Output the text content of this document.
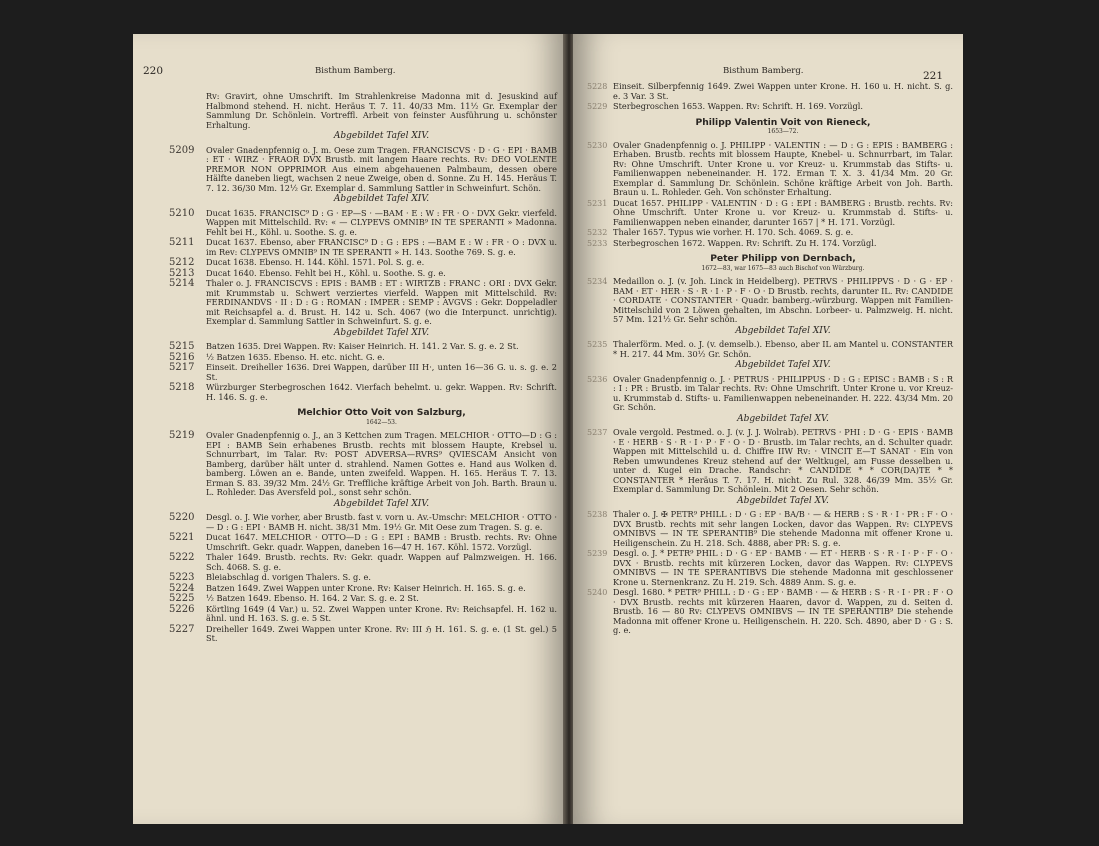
220	Bisthum Bamberg.
Rv: Gravirt, ohne Umschrift. Im Strahlenkreise Madonna mit d. Jesuskind auf Halbmond stehend. H. nicht. Heräus T. 7. 11. 40/33 Mm. 11½ Gr. Exemplar der Sammlung Dr. Schönlein. Vortreffl. Arbeit von feinster Ausführung u. schönster Erhaltung.
Abgebildet Tafel XIV.
5209 Ovaler Gnadenpfennig o. J. m. Oese zum Tragen. FRANCISCVS · D · G · EPI · BAMB : ET · WIRZ · FRAOR DVX Brustb. mit langem Haare rechts. Rv: DEO VOLENTE PREMOR NON OPPRIMOR Aus einem abgehauenen Palmbaum, dessen obere Hälfte daneben liegt, wachsen 2 neue Zweige, oben d. Sonne. Zu H. 145. Heräus T. 7. 12. 36/30 Mm. 12½ Gr. Exemplar d. Sammlung Sattler in Schweinfurt. Schön.
Abgebildet Tafel XIV.
5210 Ducat 1635. FRANCISC⁹ D : G · EP—S · —BAM · E : W : FR · O · DVX Gekr. vierfeld. Wappen mit Mittelschild. Rv: « — CLYPEVS OMNIB⁹ IN TE SPERANTI » Madonna. Fehlt bei H., Köhl. u. Soothe. S. g. e.
5211 Ducat 1637. Ebenso, aber FRANCISC⁹ D : G : EPS : —BAM E : W : FR · O : DVX u. im Rev: CLYPEVS OMNIB⁹ IN TE SPERANTI » H. 143. Soothe 769. S. g. e.
5212 Ducat 1638. Ebenso. H. 144. Köhl. 1571. Pol. S. g. e.
5213 Ducat 1640. Ebenso. Fehlt bei H., Köhl. u. Soothe. S. g. e.
5214 Thaler o. J. FRANCISCVS : EPIS : BAMB : ET : WIRTZB : FRANC : ORI : DVX Gekr. mit Krummstab u. Schwert verziertes vierfeld. Wappen mit Mittelschild. Rv: FERDINANDVS · II : D : G : ROMAN : IMPER : SEMP : AVGVS : Gekr. Doppeladler mit Reichsapfel a. d. Brust. H. 142 u. Sch. 4067 (wo die Interpunct. unrichtig). Exemplar d. Sammlung Sattler in Schweinfurt. S. g. e.
Abgebildet Tafel XIV.
5215 Batzen 1635. Drei Wappen. Rv: Kaiser Heinrich. H. 141. 2 Var. S. g. e. 2 St.
5216 ½ Batzen 1635. Ebenso. H. etc. nicht. G. e.
5217 Einseit. Dreiheller 1636. Drei Wappen, darüber III H·, unten 16—36 G. u. s. g. e. 2 St.
5218 Würzburger Sterbegroschen 1642. Vierfach behelmt. u. gekr. Wappen. Rv: Schrift. H. 146. S. g. e.
Melchior Otto Voit von Salzburg,
1642—53.
5219 Ovaler Gnadenpfennig o. J., an 3 Kettchen zum Tragen. MELCHIOR · OTTO—D : G : EPI : BAMB Sein erhabenes Brustb. rechts mit blossem Haupte, Krebsel u. Schnurrbart, im Talar. Rv: POST ADVERSA—RVRS⁹ QVIESCAM Ansicht von Bamberg, darüber hält unter d. strahlend. Namen Gottes e. Hand aus Wolken d. bamberg. Löwen an e. Bande, unten zweifeld. Wappen. H. 165. Heräus T. 7. 13. Erman S. 83. 39/32 Mm. 24½ Gr. Treffliche kräftige Arbeit von Joh. Barth. Braun u. L. Rohleder. Das Aversfeld pol., sonst sehr schön.
Abgebildet Tafel XIV.
5220 Desgl. o. J. Wie vorher, aber Brustb. fast v. vorn u. Av.-Umschr: MELCHIOR · OTTO · — D : G : EPI · BAMB H. nicht. 38/31 Mm. 19½ Gr. Mit Oese zum Tragen. S. g. e.
5221 Ducat 1647. MELCHIOR · OTTO—D : G : EPI : BAMB : Brustb. rechts. Rv: Ohne Umschrift. Gekr. quadr. Wappen, daneben 16—47 H. 167. Köhl. 1572. Vorzügl.
5222 Thaler 1649. Brustb. rechts. Rv: Gekr. quadr. Wappen auf Palmzweigen. H. 166. Sch. 4068. S. g. e.
5223 Bleiabschlag d. vorigen Thalers. S. g. e.
5224 Batzen 1649. Zwei Wappen unter Krone. Rv: Kaiser Heinrich. H. 165. S. g. e.
5225 ½ Batzen 1649. Ebenso. H. 164. 2 Var. S. g. e. 2 St.
5226 Körtling 1649 (4 Var.) u. 52. Zwei Wappen unter Krone. Rv: Reichsapfel. H. 162 u. ähnl. und H. 163. S. g. e. 5 St.
5227 Dreiheller 1649. Zwei Wappen unter Krone. Rv: III ℌ H. 161. S. g. e. (1 St. gel.) 5 St.
Bisthum Bamberg.	221
5228 Einseit. Silberpfennig 1649. Zwei Wappen unter Krone. H. 160 u. H. nicht. S. g. e. 3 Var. 3 St.
5229 Sterbegroschen 1653. Wappen. Rv: Schrift. H. 169. Vorzügl.
Philipp Valentin Voit von Rieneck,
1653—72.
5230 Ovaler Gnadenpfennig o. J. PHILIPP · VALENTIN : — D : G : EPIS : BAMBERG : Erhaben. Brustb. rechts mit blossem Haupte, Knebel- u. Schnurrbart, im Talar. Rv: Ohne Umschrift. Unter Krone u. vor Kreuz- u. Krummstab das Stifts- u. Familienwappen nebeneinander. H. 172. Erman T. X. 3. 41/34 Mm. 20 Gr. Exemplar d. Sammlung Dr. Schönlein. Schöne kräftige Arbeit von Joh. Barth. Braun u. L. Rohleder. Geh. Von schönster Erhaltung.
5231 Ducat 1657. PHILIPP · VALENTIN · D : G : EPI : BAMBERG : Brustb. rechts. Rv: Ohne Umschrift. Unter Krone u. vor Kreuz- u. Krummstab d. Stifts- u. Familienwappen neben einander, darunter 1657 | * H. 171. Vorzügl.
5232 Thaler 1657. Typus wie vorher. H. 170. Sch. 4069. S. g. e.
5233 Sterbegroschen 1672. Wappen. Rv: Schrift. Zu H. 174. Vorzügl.
Peter Philipp von Dernbach,
1672—83, war 1675—83 auch Bischof von Würzburg.
5234 Medaillon o. J. (v. Joh. Linck in Heidelberg). PETRVS · PHILIPPVS · D · G · EP · BAM · ET · HER · S · R · I · P · F · O · D Brustb. rechts, darunter IL. Rv: CANDIDE · CORDATE · CONSTANTER · Quadr. bamberg.-würzburg. Wappen mit Familien-Mittelschild von 2 Löwen gehalten, im Abschn. Lorbeer- u. Palmzweig. H. nicht. 57 Mm. 121½ Gr. Sehr schön.
Abgebildet Tafel XIV.
5235 Thalerförm. Med. o. J. (v. demselb.). Ebenso, aber IL am Mantel u. CONSTANTER * H. 217. 44 Mm. 30½ Gr. Schön.
Abgebildet Tafel XIV.
5236 Ovaler Gnadenpfennig o. J. · PETRUS · PHILIPPUS · D : G : EPISC : BAMB : S : R : I : PR : Brustb. im Talar rechts. Rv: Ohne Umschrift. Unter Krone u. vor Kreuz- u. Krummstab d. Stifts- u. Familienwappen nebeneinander. H. 222. 43/34 Mm. 20 Gr. Schön.
Abgebildet Tafel XV.
5237 Ovale vergold. Pestmed. o. J. (v. J. J. Wolrab). PETRVS · PHI : D · G · EPIS · BAMB · E · HERB · S · R · I · P · F · O · D · Brustb. im Talar rechts, an d. Schulter quadr. Wappen mit Mittelschild u. d. Chiffre IIW Rv: · VINCIT E—T SANAT · Ein von Reben umwundenes Kreuz stehend auf der Weltkugel, am Fusse desselben u. unter d. Kugel ein Drache. Randschr: * CANDIDE * * COR(DA)TE * * CONSTANTER * Heräus T. 7. 17. H. nicht. Zu Rul. 328. 46/39 Mm. 35½ Gr. Exemplar d. Sammlung Dr. Schönlein. Mit 2 Oesen. Sehr schön.
Abgebildet Tafel XV.
5238 Thaler o. J. ✠ PETR⁹ PHILL : D · G : EP · BA∕B · — & HERB : S · R · I · PR : F · O · DVX Brustb. rechts mit sehr langen Locken, davor das Wappen. Rv: CLYPEVS OMNIBVS — IN TE SPERANTIB⁹ Die stehende Madonna mit offener Krone u. Heiligenschein. Zu H. 218. Sch. 4888, aber PR: S. g. e.
5239 Desgl. o. J. * PETR⁹ PHIL : D · G · EP · BAMB · — ET · HERB · S · R · I · P · F · O · DVX · Brustb. rechts mit kürzeren Locken, davor das Wappen. Rv: CLYPEVS OMNIBVS — IN TE SPERANTIBVS Die stehende Madonna mit geschlossener Krone u. Sternenkranz. Zu H. 219. Sch. 4889 Anm. S. g. e.
5240 Desgl. 1680. * PETR⁹ PHILL : D · G : EP · BAMB · — & HERB : S · R · I · PR : F · O · DVX Brustb. rechts mit kürzeren Haaren, davor d. Wappen, zu d. Seiten d. Brustb. 16 — 80 Rv: CLYPEVS OMNIBVS — IN TE SPERANTIB⁹ Die stehende Madonna mit offener Krone u. Heiligenschein. H. 220. Sch. 4890, aber D · G : S. g. e.
